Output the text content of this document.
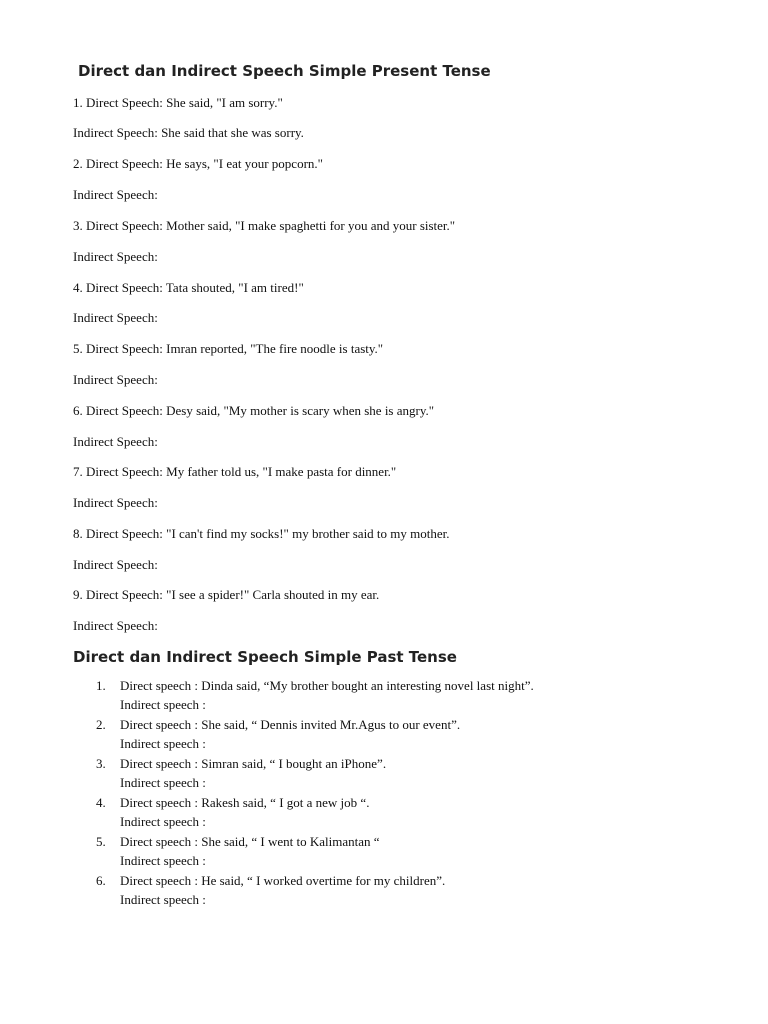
Direct dan Indirect Speech Simple Present Tense

1. Direct Speech: She said, "I am sorry."

Indirect Speech: She said that she was sorry.

2. Direct Speech: He says, "I eat your popcorn."

Indirect Speech:

3. Direct Speech: Mother said, "I make spaghetti for you and your sister."

Indirect Speech:

4. Direct Speech: Tata shouted, "I am tired!"

Indirect Speech:

5. Direct Speech: Imran reported, "The fire noodle is tasty."

Indirect Speech:

6. Direct Speech: Desy said, "My mother is scary when she is angry."

Indirect Speech:

7. Direct Speech: My father told us, "I make pasta for dinner."

Indirect Speech:

8. Direct Speech: "I can't find my socks!" my brother said to my mother.

Indirect Speech:

9. Direct Speech: "I see a spider!" Carla shouted in my ear.

Indirect Speech:

Direct dan Indirect Speech Simple Past Tense
1. Direct speech : Dinda said, “My brother bought an interesting novel last night”.
Indirect speech :
2. Direct speech : She said, “ Dennis invited Mr.Agus to our event”.
Indirect speech :
3. Direct speech : Simran said, “ I bought an iPhone”.
Indirect speech :
4. Direct speech : Rakesh said, “ I got a new job “.
Indirect speech :
5. Direct speech : She said, “ I went to Kalimantan “
Indirect speech :
6. Direct speech : He said, “ I worked overtime for my children”.
Indirect speech :
